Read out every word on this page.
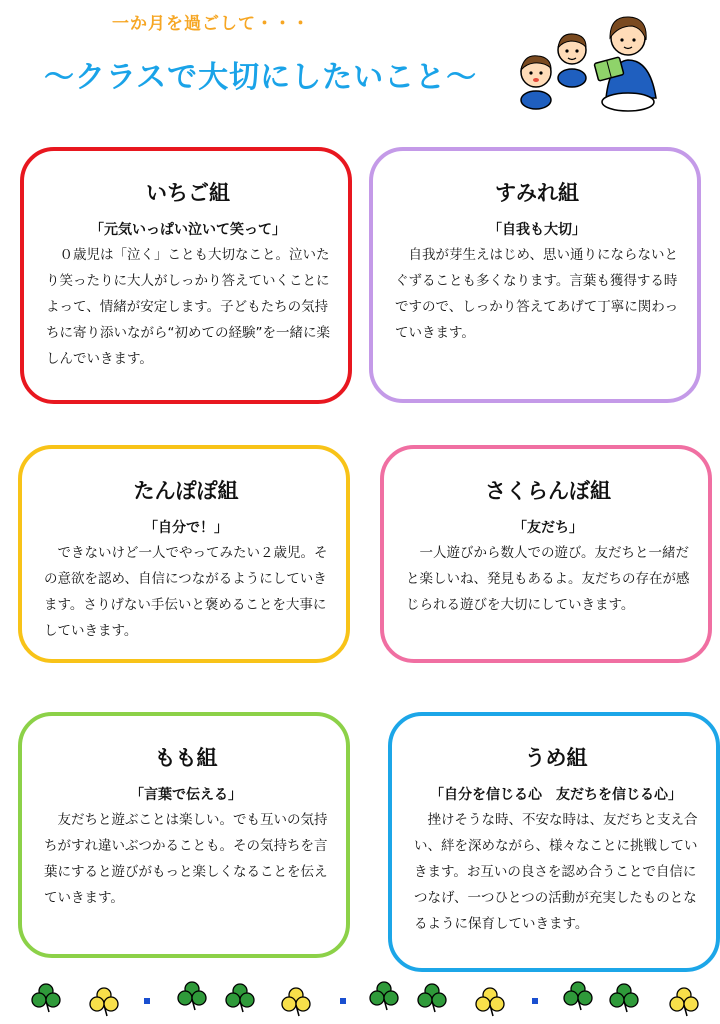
一か月を過ごして・・・
～クラスで大切にしたいこと～
いちご組
「元気いっぱい泣いて笑って」

０歳児は「泣く」ことも大切なこと。泣いたり笑ったりに大人がしっかり答えていくことによって、情緒が安定します。子どもたちの気持ちに寄り添いながら“初めての経験”を一緒に楽しんでいきます。

すみれ組
「自我も大切」

自我が芽生えはじめ、思い通りにならないとぐずることも多くなります。言葉も獲得する時ですので、しっかり答えてあげて丁寧に関わっていきます。

たんぽぽ組
「自分で！」

できないけど一人でやってみたい２歳児。その意欲を認め、自信につながるようにしていきます。さりげない手伝いと褒めることを大事にしていきます。

さくらんぼ組
「友だち」

一人遊びから数人での遊び。友だちと一緒だと楽しいね、発見もあるよ。友だちの存在が感じられる遊びを大切にしていきます。

もも組
「言葉で伝える」

友だちと遊ぶことは楽しい。でも互いの気持ちがすれ違いぶつかることも。その気持ちを言葉にすると遊びがもっと楽しくなることを伝えていきます。

うめ組
「自分を信じる心　友だちを信じる心」

挫けそうな時、不安な時は、友だちと支え合い、絆を深めながら、様々なことに挑戦していきます。お互いの良さを認め合うことで自信につなげ、一つひとつの活動が充実したものとなるように保育していきます。
